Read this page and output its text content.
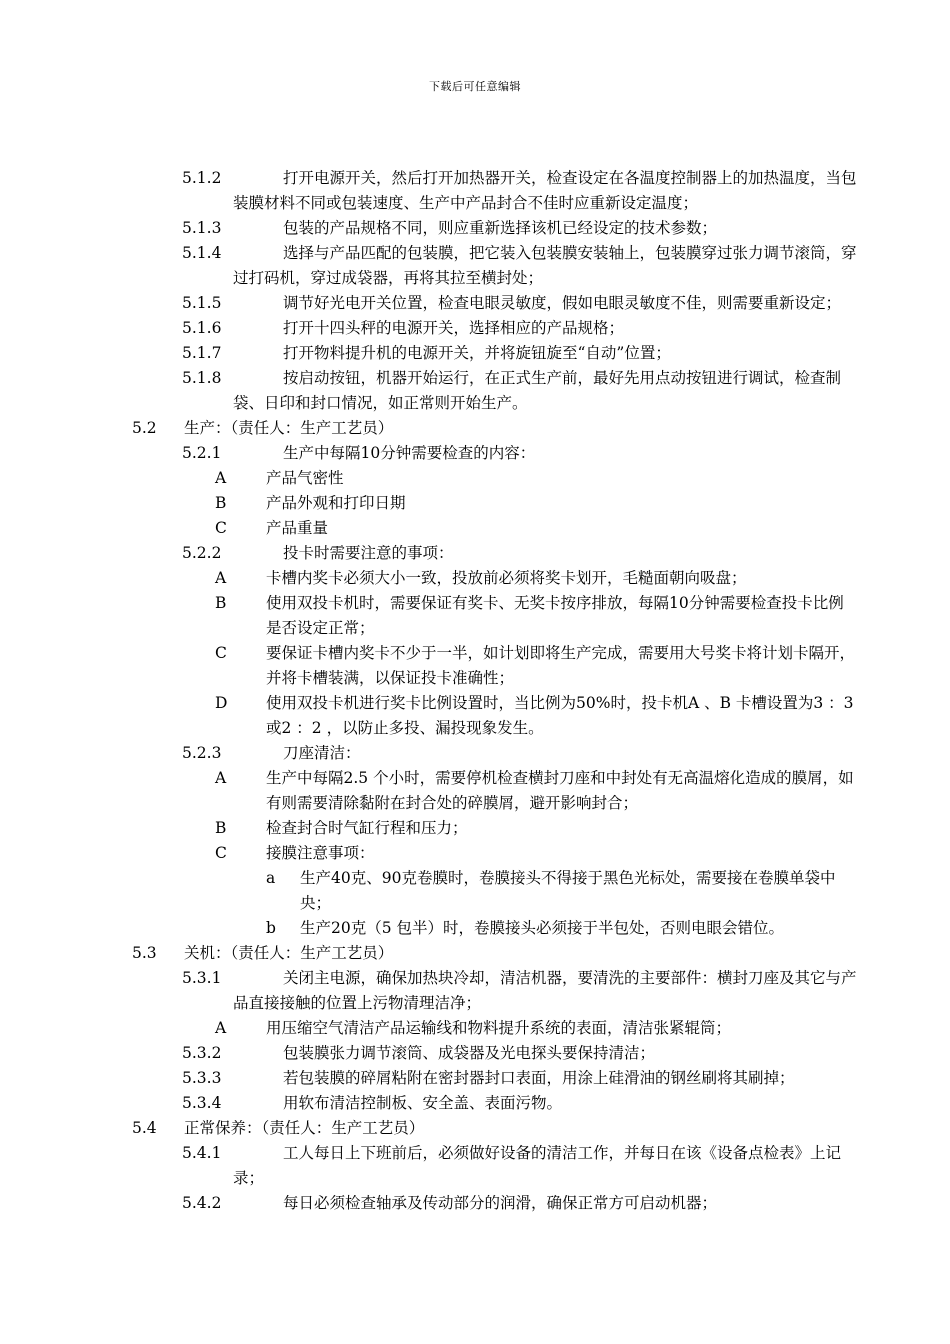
下载后可任意编辑
5.1.2	打开电源开关，然后打开加热器开关，检查设定在各温度控制器上的加热温度，当包装膜材料不同或包装速度、生产中产品封合不佳时应重新设定温度；
5.1.3	包装的产品规格不同，则应重新选择该机已经设定的技术参数；
5.1.4	选择与产品匹配的包装膜，把它装入包装膜安装轴上，包装膜穿过张力调节滚筒，穿过打码机，穿过成袋器，再将其拉至横封处；
5.1.5	调节好光电开关位置，检查电眼灵敏度，假如电眼灵敏度不佳，则需要重新设定；
5.1.6	打开十四头秤的电源开关，选择相应的产品规格；
5.1.7	打开物料提升机的电源开关，并将旋钮旋至“自动”位置；
5.1.8	按启动按钮，机器开始运行，在正式生产前，最好先用点动按钮进行调试，检查制袋、日印和封口情况，如正常则开始生产。
5.2 生产：（责任人：生产工艺员）
5.2.1	生产中每隔10分钟需要检查的内容：
A	产品气密性
B	产品外观和打印日期
C	产品重量
5.2.2	投卡时需要注意的事项：
A	卡槽内奖卡必须大小一致，投放前必须将奖卡划开，毛糙面朝向吸盘；
B	使用双投卡机时，需要保证有奖卡、无奖卡按序排放，每隔10分钟需要检查投卡比例是否设定正常；
C	要保证卡槽内奖卡不少于一半，如计划即将生产完成，需要用大号奖卡将计划卡隔开，并将卡槽装满，以保证投卡准确性；
D 使用双投卡机进行奖卡比例设置时，当比例为50%时，投卡机A 、B 卡槽设置为3 ：3 或2 ：2 ，以防止多投、漏投现象发生。
5.2.3	刀座清洁：
A	生产中每隔2.5 个小时，需要停机检查横封刀座和中封处有无高温熔化造成的膜屑，如有则需要清除黏附在封合处的碎膜屑，避开影响封合；
B	检查封合时气缸行程和压力；
C	接膜注意事项：
a 生产40克、90克卷膜时，卷膜接头不得接于黑色光标处，需要接在卷膜单袋中央；
b 生产20克（5 包半）时，卷膜接头必须接于半包处，否则电眼会错位。
5.3 关机：（责任人：生产工艺员）
5.3.1	关闭主电源，确保加热块冷却，清洁机器，要清洗的主要部件：横封刀座及其它与产品直接接触的位置上污物清理洁净；
A	用压缩空气清洁产品运输线和物料提升系统的表面，清洁张紧辊筒；
5.3.2	包装膜张力调节滚筒、成袋器及光电探头要保持清洁；
5.3.3	若包装膜的碎屑粘附在密封器封口表面，用涂上硅滑油的钢丝刷将其刷掉；
5.3.4	用软布清洁控制板、安全盖、表面污物。
5.4 正常保养：（责任人：生产工艺员）
5.4.1	工人每日上下班前后，必须做好设备的清洁工作，并每日在该《设备点检表》上记录；
5.4.2	每日必须检查轴承及传动部分的润滑，确保正常方可启动机器；
